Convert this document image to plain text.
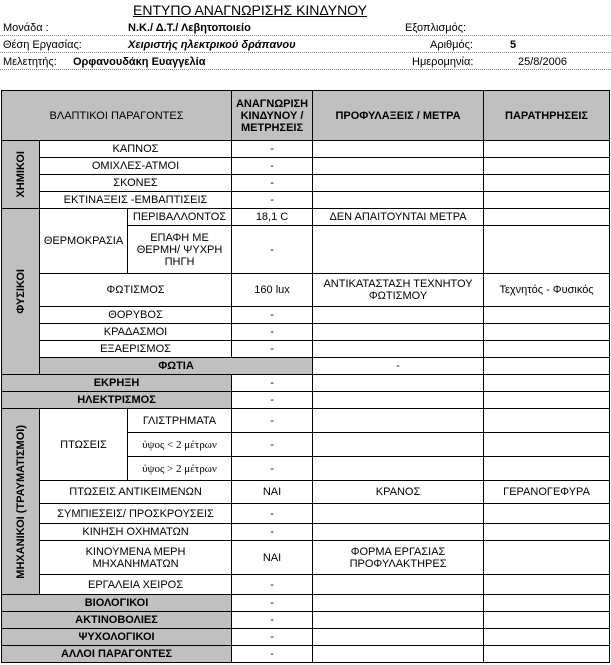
ΕΝΤΥΠΟ ΑΝΑΓΝΩΡΙΣΗΣ ΚΙΝΔΥΝΟΥ
Μονάδα :	Ν.Κ./ Δ.Τ./ Λεβητοποιείο	Εξοπλισμός:
Θέση Εργασίας:	Χειριστής ηλεκτρικού δράπανου	Αριθμός:	5
Μελετητής: Ορφανουδάκη Ευαγγελία	Ημερομηνία:	25/8/2006
ΒΛΑΠΤΙΚΟΙ ΠΑΡΑΓΟΝΤΕΣ			ΑΝΑΓΝΩΡΙΣΗ ΚΙΝΔΥΝΟΥ / ΜΕΤΡΗΣΕΙΣ	ΠΡΟΦΥΛΑΞΕΙΣ / ΜΕΤΡΑ	ΠΑΡΑΤΗΡΗΣΕΙΣ	

ΧΗΜΙΚΟΙ	ΚΑΠΝΟΣ		-			
	ΟΜΙΧΛΕΣ-ΑΤΜΟΙ		-			
	ΣΚΟΝΕΣ		-			
	ΕΚΤΙΝΑΞΕΙΣ -ΕΜΒΑΠΤΙΣΕΙΣ		-			

ΦΥΣΙΚΟΙ	ΘΕΡΜΟΚΡΑΣΙΑ	ΠΕΡΙΒΑΛΛΟΝΤΟΣ	18,1 C	ΔΕΝ ΑΠΑΙΤΟΥΝΤΑΙ ΜΕΤΡΑ		
		ΕΠΑΦΗ ΜΕ ΘΕΡΜΗ/ ΨΥΧΡΗ ΠΗΓΗ	-			
	ΦΩΤΙΣΜΟΣ		160 lux	ΑΝΤΙΚΑΤΑΣΤΑΣΗ ΤΕΧΝΗΤΟΥ ΦΩΤΙΣΜΟΥ	Τεχνητός - Φυσικός	
	ΘΟΡΥΒΟΣ		-			
	ΚΡΑΔΑΣΜΟΙ		-			
	ΕΞΑΕΡΙΣΜΟΣ		-			
	ΦΩΤΙΑ			-		
ΕΚΡΗΞΗ			-			
ΗΛΕΚΤΡΙΣΜΟΣ			-			

ΜΗΧΑΝΙΚΟΙ (ΤΡΑΥΜΑΤΙΣΜΟΙ)	ΠΤΩΣΕΙΣ	ΓΛΙΣΤΡΗΜΑΤΑ	-			
		ύψος < 2 μέτρων	-			
		ύψος > 2 μέτρων	-			
	ΠΤΩΣΕΙΣ ΑΝΤΙΚΕΙΜΕΝΩΝ		ΝΑΙ	ΚΡΑΝΟΣ	ΓΕΡΑΝΟΓΕΦΥΡΑ	
	ΣΥΜΠΙΕΣΕΙΣ/ ΠΡΟΣΚΡΟΥΣΕΙΣ		-			
	ΚΙΝΗΣΗ ΟΧΗΜΑΤΩΝ		-			
	ΚΙΝΟΥΜΕΝΑ ΜΕΡΗ ΜΗΧΑΝΗΜΑΤΩΝ		ΝΑΙ	ΦΟΡΜΑ ΕΡΓΑΣΙΑΣ ΠΡΟΦΥΛΑΚΤΗΡΕΣ		
	ΕΡΓΑΛΕΙΑ ΧΕΙΡΟΣ		-			
ΒΙΟΛΟΓΙΚΟΙ			-			
ΑΚΤΙΝΟΒΟΛΙΕΣ			-			
ΨΥΧΟΛΟΓΙΚΟΙ			-			
ΑΛΛΟΙ ΠΑΡΑΓΟΝΤΕΣ			-			
